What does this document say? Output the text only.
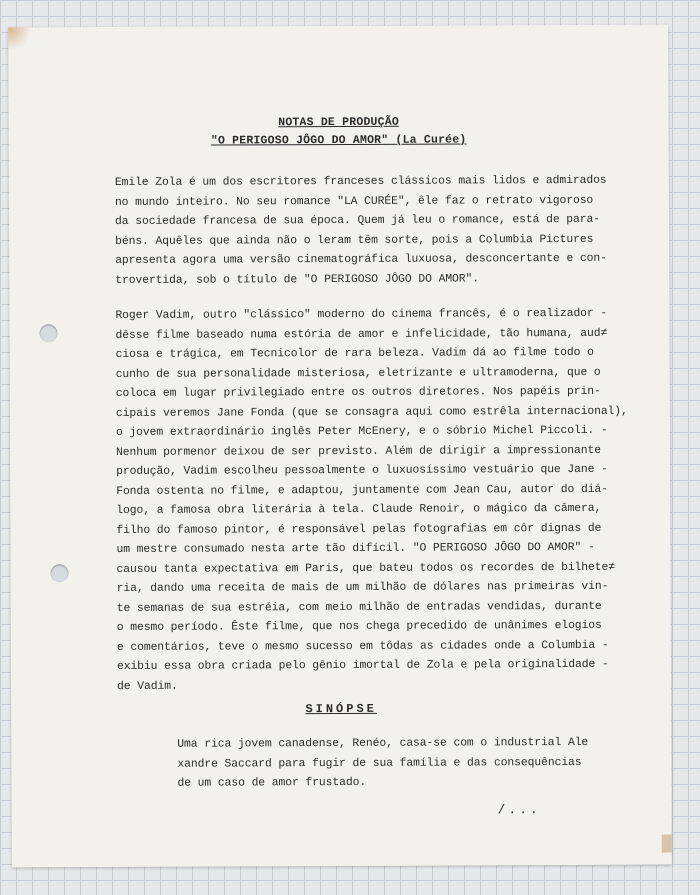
NOTAS DE PRODUÇÃO
"O PERIGOSO JÔGO DO AMOR" (La Curée)
Emile Zola é um dos escritores franceses clássicos mais lidos e admirados
no mundo inteiro. No seu romance "LA CURÉE", êle faz o retrato vigoroso
da sociedade francesa de sua época. Quem já leu o romance, está de para-
béns. Aquêles que ainda não o leram têm sorte, pois a Columbia Pictures
apresenta agora uma versão cinematográfica luxuosa, desconcertante e con-
trovertida, sob o título de "O PERIGOSO JÔGO DO AMOR".
Roger Vadim, outro "clássico" moderno do cinema francês, é o realizador -
dêsse filme baseado numa estória de amor e infelicidade, tão humana, aud≠
ciosa e trágica, em Tecnicolor de rara beleza. Vadim dá ao filme todo o
cunho de sua personalidade misteriosa, eletrizante e ultramoderna, que o
coloca em lugar privilegiado entre os outros diretores. Nos papéis prin-
cipais veremos Jane Fonda (que se consagra aqui como estrêla internacional),
o jovem extraordinário inglês Peter McEnery, e o sóbrio Michel Piccoli. -
Nenhum pormenor deixou de ser previsto. Além de dirigir a impressionante
produção, Vadim escolheu pessoalmente o luxuosíssimo vestuário que Jane -
Fonda ostenta no filme, e adaptou, juntamente com Jean Cau, autor do diá-
logo, a famosa obra literária à tela. Claude Renoir, o mágico da câmera,
filho do famoso pintor, é responsável pelas fotografias em côr dignas de
um mestre consumado nesta arte tão difícil. "O PERIGOSO JÔGO DO AMOR" -
causou tanta expectativa em Paris, que bateu todos os recordes de bilhete≠
ria, dando uma receita de mais de um milhão de dólares nas primeiras vin-
te semanas de sua estréia, com meio milhão de entradas vendidas, durante
o mesmo período. Êste filme, que nos chega precedido de unânimes elogios
e comentários, teve o mesmo sucesso em tôdas as cidades onde a Columbia -
exibiu essa obra criada pelo gênio imortal de Zola e pela originalidade -
de Vadim.
SINÓPSE
Uma rica jovem canadense, Renéo, casa-se com o industrial Ale
xandre Saccard para fugir de sua família e das consequências
de um caso de amor frustado.
/...
